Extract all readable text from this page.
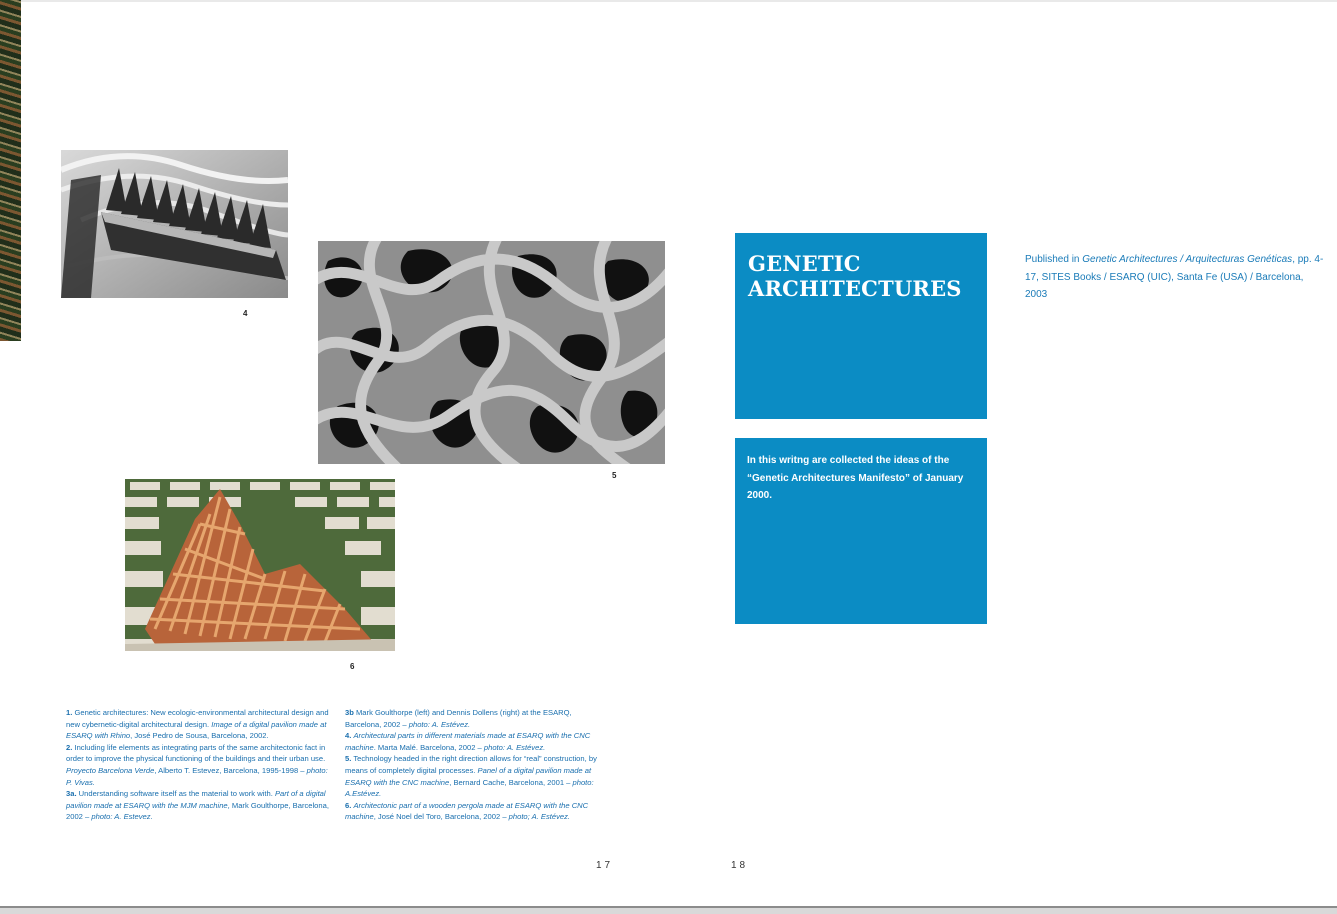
4
5
6
GENETIC ARCHITECTURES
In this writng are collected the ideas of the “Genetic Architectures Manifesto” of January 2000.
Published in Genetic Architectures / Arquitecturas Genéticas, pp. 4-17, SITES Books / ESARQ (UIC), Santa Fe (USA) / Barcelona, 2003

1. Genetic architectures: New ecologic-environmental architectural design and new cybernetic-digital architectural design. Image of a digital pavilion made at ESARQ with Rhino, José Pedro de Sousa, Barcelona, 2002.

2. Including life elements as integrating parts of the same architectonic fact in order to improve the physical functioning of the buildings and their urban use. Proyecto Barcelona Verde, Alberto T. Estevez, Barcelona, 1995-1998 – photo: P. Vivas.

3a. Understanding software itself as the material to work with. Part of a digital pavilion made at ESARQ with the MJM machine, Mark Goulthorpe, Barcelona, 2002 – photo: A. Estevez.

3b Mark Goulthorpe (left) and Dennis Dollens (right) at the ESARQ, Barcelona, 2002 – photo: A. Estévez.

4. Architectural parts in different materials made at ESARQ with the CNC machine. Marta Malé. Barcelona, 2002 – photo: A. Estévez.

5. Technology headed in the right direction allows for “real” construction, by means of completely digital processes. Panel of a digital pavilion made at ESARQ with the CNC machine, Bernard Cache, Barcelona, 2001 – photo: A.Estévez.

6. Architectonic part of a wooden pergola made at ESARQ with the CNC machine, José Noel del Toro, Barcelona, 2002 – photo; A. Estévez.

17	18
